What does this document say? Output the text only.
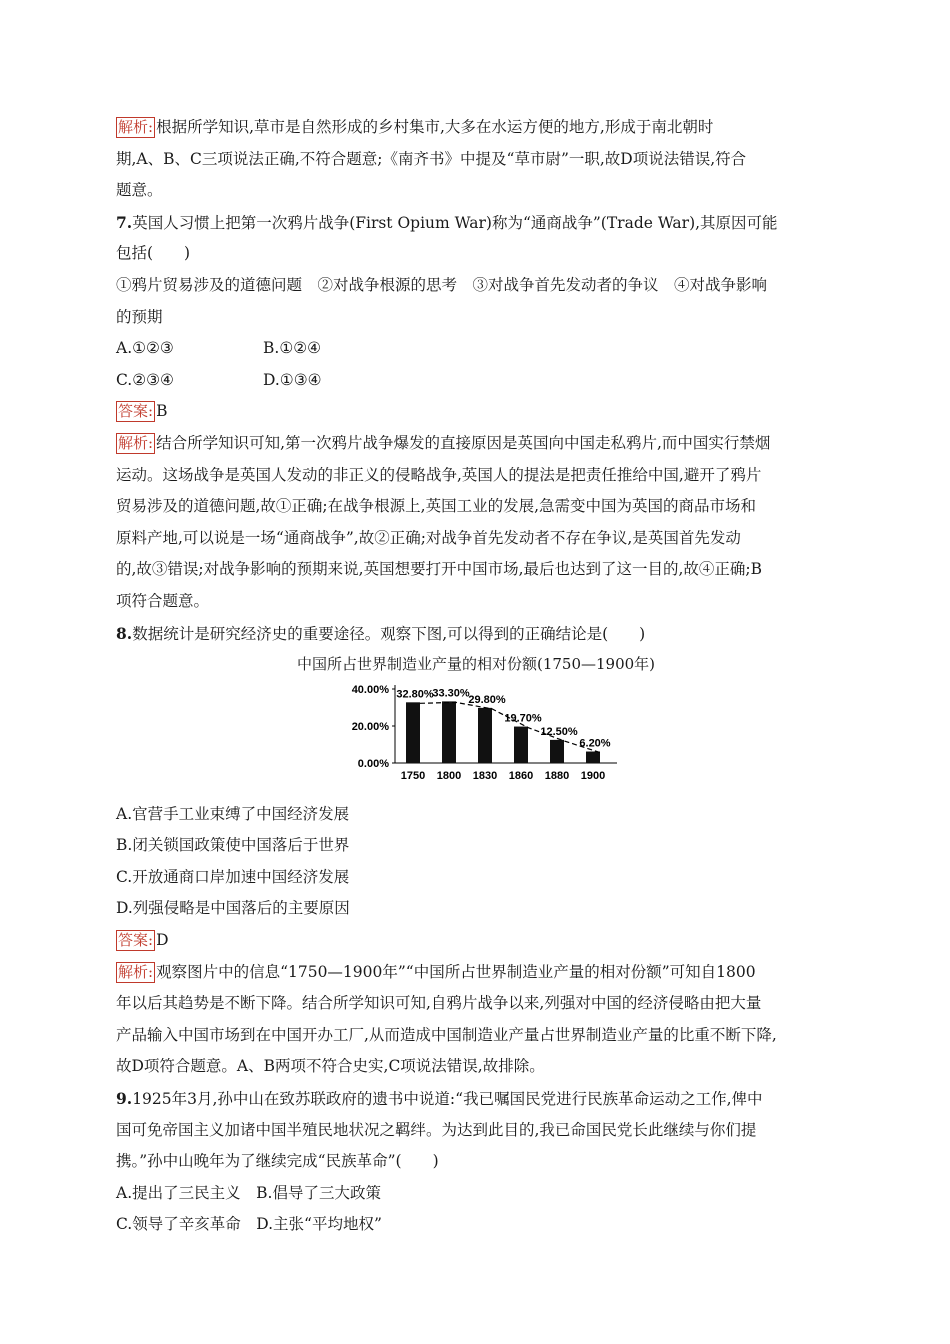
解析: 根据所学知识,草市是自然形成的乡村集市,大多在水运方便的地方,形成于南北朝时
期,A、B、C三项说法正确,不符合题意;《南齐书》中提及“草市尉”一职,故D项说法错误,符合
题意。
7.英国人习惯上把第一次鸦片战争(First Opium War)称为“通商战争”(Trade War),其原因可能
包括(　　)
①鸦片贸易涉及的道德问题　②对战争根源的思考　③对战争首先发动者的争议　④对战争影响
的预期
A.①②③	B.①②④
C.②③④	D.①③④
答案: B
解析: 结合所学知识可知,第一次鸦片战争爆发的直接原因是英国向中国走私鸦片,而中国实行禁烟
运动。这场战争是英国人发动的非正义的侵略战争,英国人的提法是把责任推给中国,避开了鸦片
贸易涉及的道德问题,故①正确;在战争根源上,英国工业的发展,急需变中国为英国的商品市场和
原料产地,可以说是一场“通商战争”,故②正确;对战争首先发动者不存在争议,是英国首先发动
的,故③错误;对战争影响的预期来说,英国想要打开中国市场,最后也达到了这一目的,故④正确;B
项符合题意。
8.数据统计是研究经济史的重要途径。观察下图,可以得到的正确结论是(　　)
中国所占世界制造业产量的相对份额(1750—1900年)
40.00%
20.00%
0.00%
32.80%
1750
33.30%
1800
29.80%
1830
19.70%
1860
12.50%
1880
6.20%
1900
A.官营手工业束缚了中国经济发展
B.闭关锁国政策使中国落后于世界
C.开放通商口岸加速中国经济发展
D.列强侵略是中国落后的主要原因
答案: D
解析: 观察图片中的信息“1750—1900年”“中国所占世界制造业产量的相对份额”可知自1800
年以后其趋势是不断下降。结合所学知识可知,自鸦片战争以来,列强对中国的经济侵略由把大量
产品输入中国市场到在中国开办工厂,从而造成中国制造业产量占世界制造业产量的比重不断下降,
故D项符合题意。A、B两项不符合史实,C项说法错误,故排除。
9.1925年3月,孙中山在致苏联政府的遗书中说道:“我已嘱国民党进行民族革命运动之工作,俾中
国可免帝国主义加诸中国半殖民地状况之羁绊。为达到此目的,我已命国民党长此继续与你们提
携。”孙中山晚年为了继续完成“民族革命”(　　)
A.提出了三民主义　B.倡导了三大政策
C.领导了辛亥革命　D.主张“平均地权”
